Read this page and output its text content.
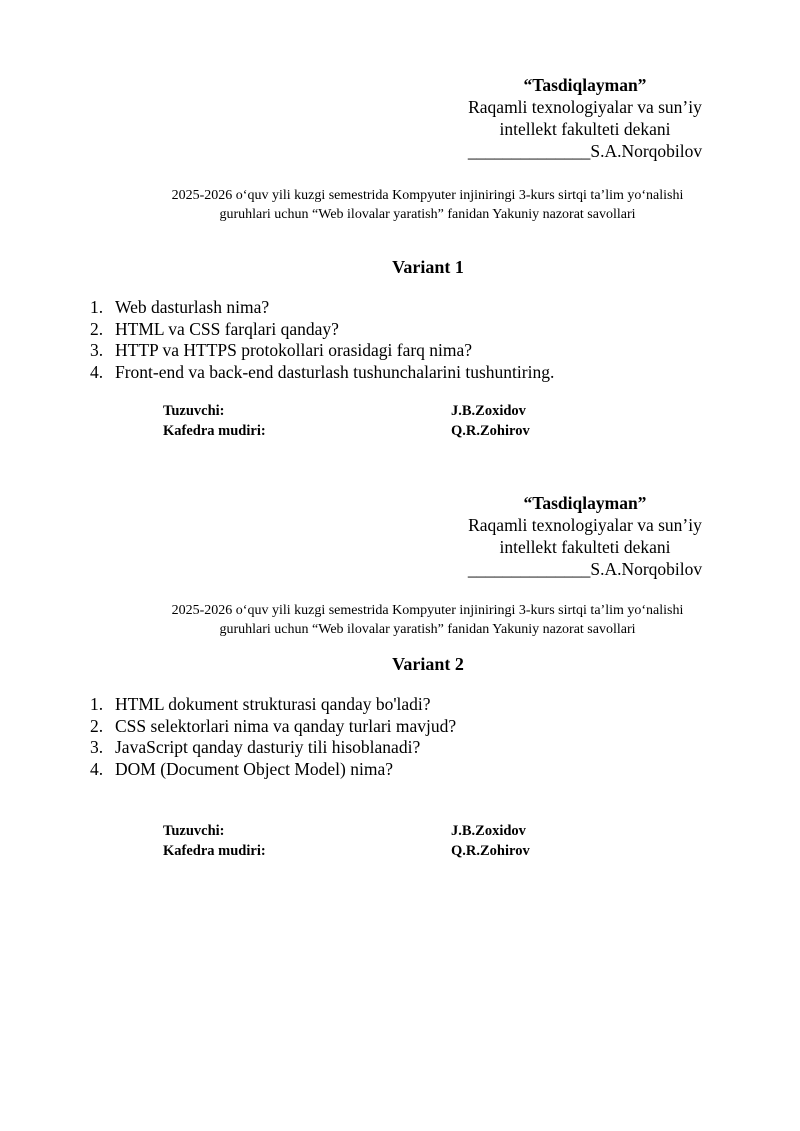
“Tasdiqlayman”
Raqamli texnologiyalar va sun’iy
intellekt fakulteti dekani
______________S.A.Norqobilov
2025-2026 o‘quv yili kuzgi semestrida Kompyuter injiniringi 3-kurs sirtqi ta’lim yo‘nalishi
guruhlari uchun “Web ilovalar yaratish” fanidan Yakuniy nazorat savollari
Variant 1
1. Web dasturlash nima?
2. HTML va CSS farqlari qanday?
3. HTTP va HTTPS protokollari orasidagi farq nima?
4. Front-end va back-end dasturlash tushunchalarini tushuntiring.
Tuzuvchi:	J.B.Zoxidov
Kafedra mudiri:	Q.R.Zohirov
“Tasdiqlayman”
Raqamli texnologiyalar va sun’iy
intellekt fakulteti dekani
______________S.A.Norqobilov
2025-2026 o‘quv yili kuzgi semestrida Kompyuter injiniringi 3-kurs sirtqi ta’lim yo‘nalishi
guruhlari uchun “Web ilovalar yaratish” fanidan Yakuniy nazorat savollari
Variant 2
1. HTML dokument strukturasi qanday bo'ladi?
2. CSS selektorlari nima va qanday turlari mavjud?
3. JavaScript qanday dasturiy tili hisoblanadi?
4. DOM (Document Object Model) nima?
Tuzuvchi:	J.B.Zoxidov
Kafedra mudiri:	Q.R.Zohirov
